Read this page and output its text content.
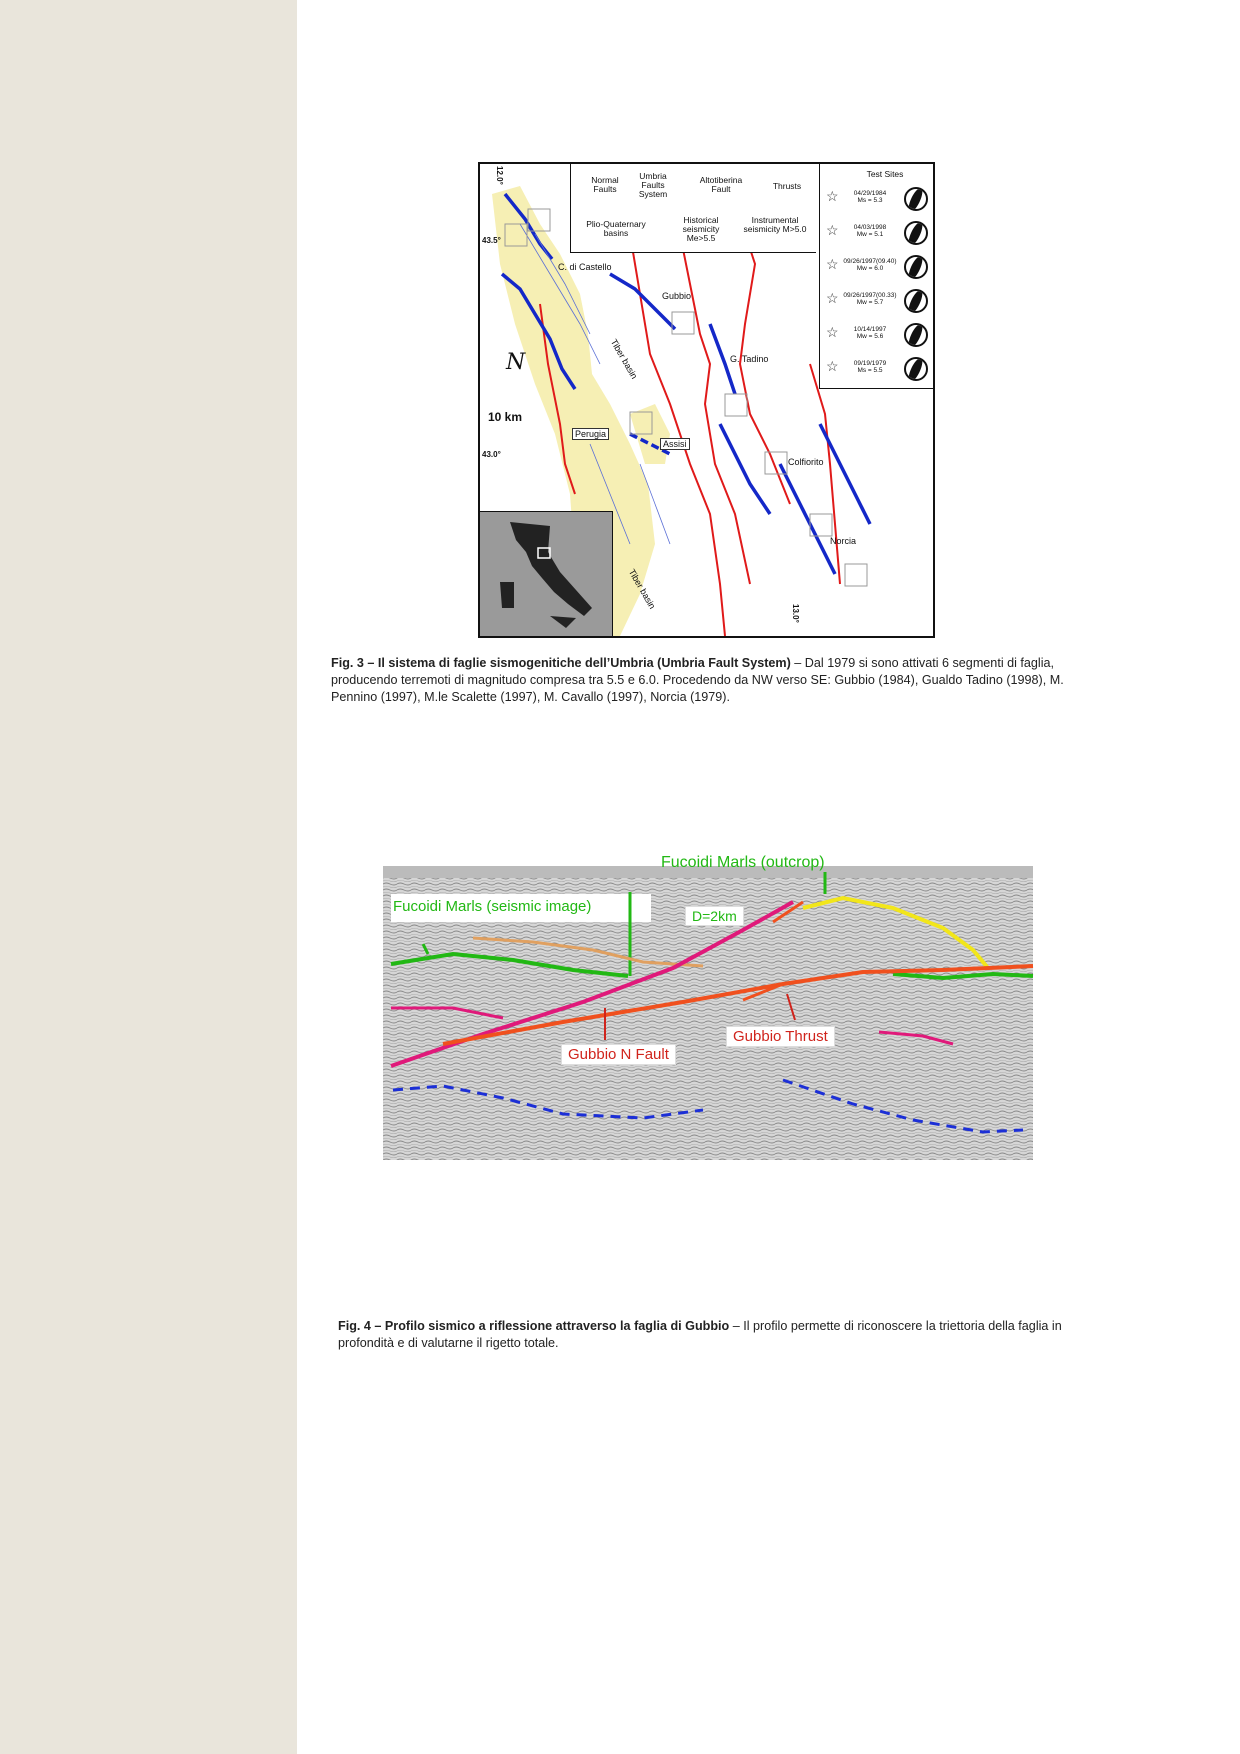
12.0°
43.5°
43.0°
13.0°
Normal Faults
Umbria Faults System
Altotiberina Fault	Thrusts
Plio-Quaternary basins
Historical seismicity Me>5.5
Instrumental seismicity M>5.0
Test Sites
☆	04/29/1984
Ms = 5.3
☆	04/03/1998
Mw = 5.1
☆ 09/26/1997(09.40)
Mw = 6.0
☆ 09/26/1997(00.33)
Mw = 5.7
☆	10/14/1997
Mw = 5.6
☆	09/19/1979
Ms = 5.5
C. di Castello
Gubbio
G. Tadino
Perugia
Assisi
Colfiorito
Norcia
Tiber basin
Tiber basin
N
10 km
Fig. 3 – Il sistema di faglie sismogenitiche dell’Umbria (Umbria Fault System) – Dal 1979 si sono attivati 6 segmenti di faglia, producendo terremoti di magnitudo compresa tra 5.5 e 6.0. Procedendo da NW verso SE: Gubbio (1984), Gualdo Tadino (1998), M. Pennino (1997), M.le Scalette (1997), M. Cavallo (1997), Norcia (1979).
Fucoidi Marls (outcrop)
Fucoidi Marls (seismic image)
D=2km
Gubbio N Fault
Gubbio Thrust
Fig. 4 – Profilo sismico a riflessione attraverso la faglia di Gubbio – Il profilo permette di riconoscere la triettoria della faglia in profondità e di valutarne il rigetto totale.
